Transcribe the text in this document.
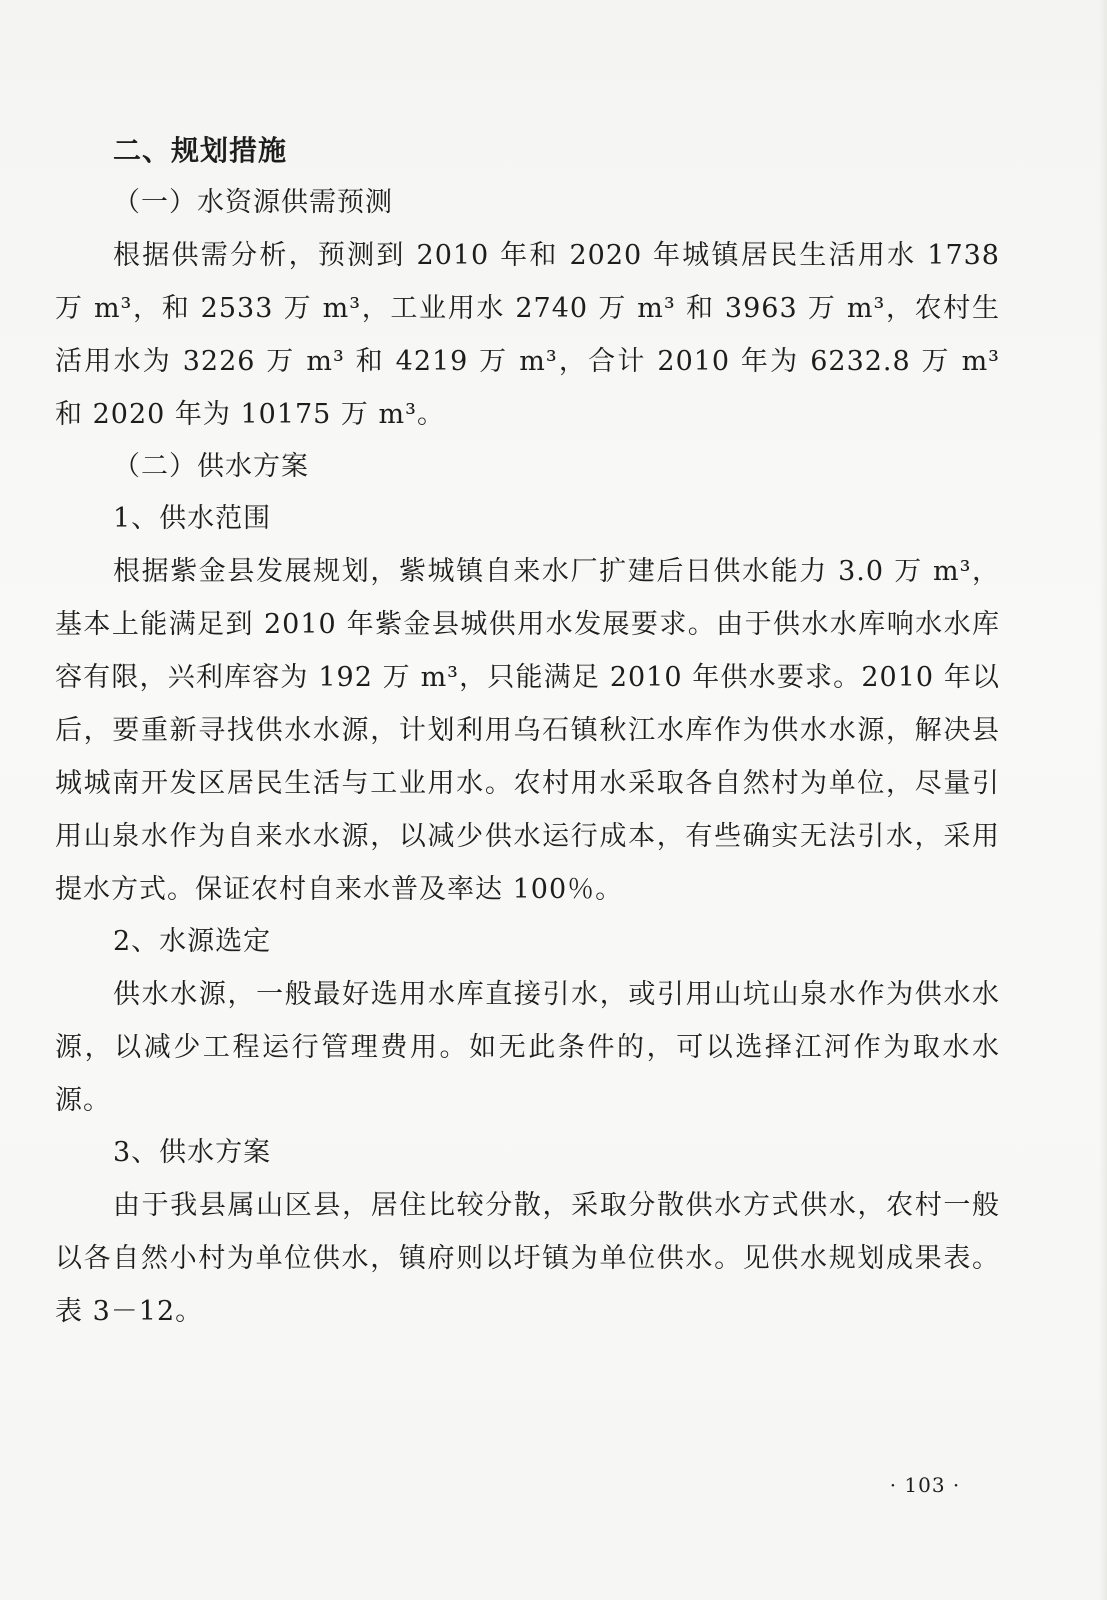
二、规划措施

（一）水资源供需预测

根据供需分析，预测到 2010 年和 2020 年城镇居民生活用水 1738 万 m³，和 2533 万 m³，工业用水 2740 万 m³ 和 3963 万 m³，农村生活用水为 3226 万 m³ 和 4219 万 m³，合计 2010 年为 6232.8 万 m³ 和 2020 年为 10175 万 m³。

（二）供水方案

1、供水范围

根据紫金县发展规划，紫城镇自来水厂扩建后日供水能力 3.0 万 m³，基本上能满足到 2010 年紫金县城供用水发展要求。由于供水水库响水水库容有限，兴利库容为 192 万 m³，只能满足 2010 年供水要求。2010 年以后，要重新寻找供水水源，计划利用乌石镇秋江水库作为供水水源，解决县城城南开发区居民生活与工业用水。农村用水采取各自然村为单位，尽量引用山泉水作为自来水水源，以减少供水运行成本，有些确实无法引水，采用提水方式。保证农村自来水普及率达 100％。

2、水源选定

供水水源，一般最好选用水库直接引水，或引用山坑山泉水作为供水水源，以减少工程运行管理费用。如无此条件的，可以选择江河作为取水水源。

3、供水方案

由于我县属山区县，居住比较分散，采取分散供水方式供水，农村一般以各自然小村为单位供水，镇府则以圩镇为单位供水。见供水规划成果表。表 3－12。

· 103 ·
